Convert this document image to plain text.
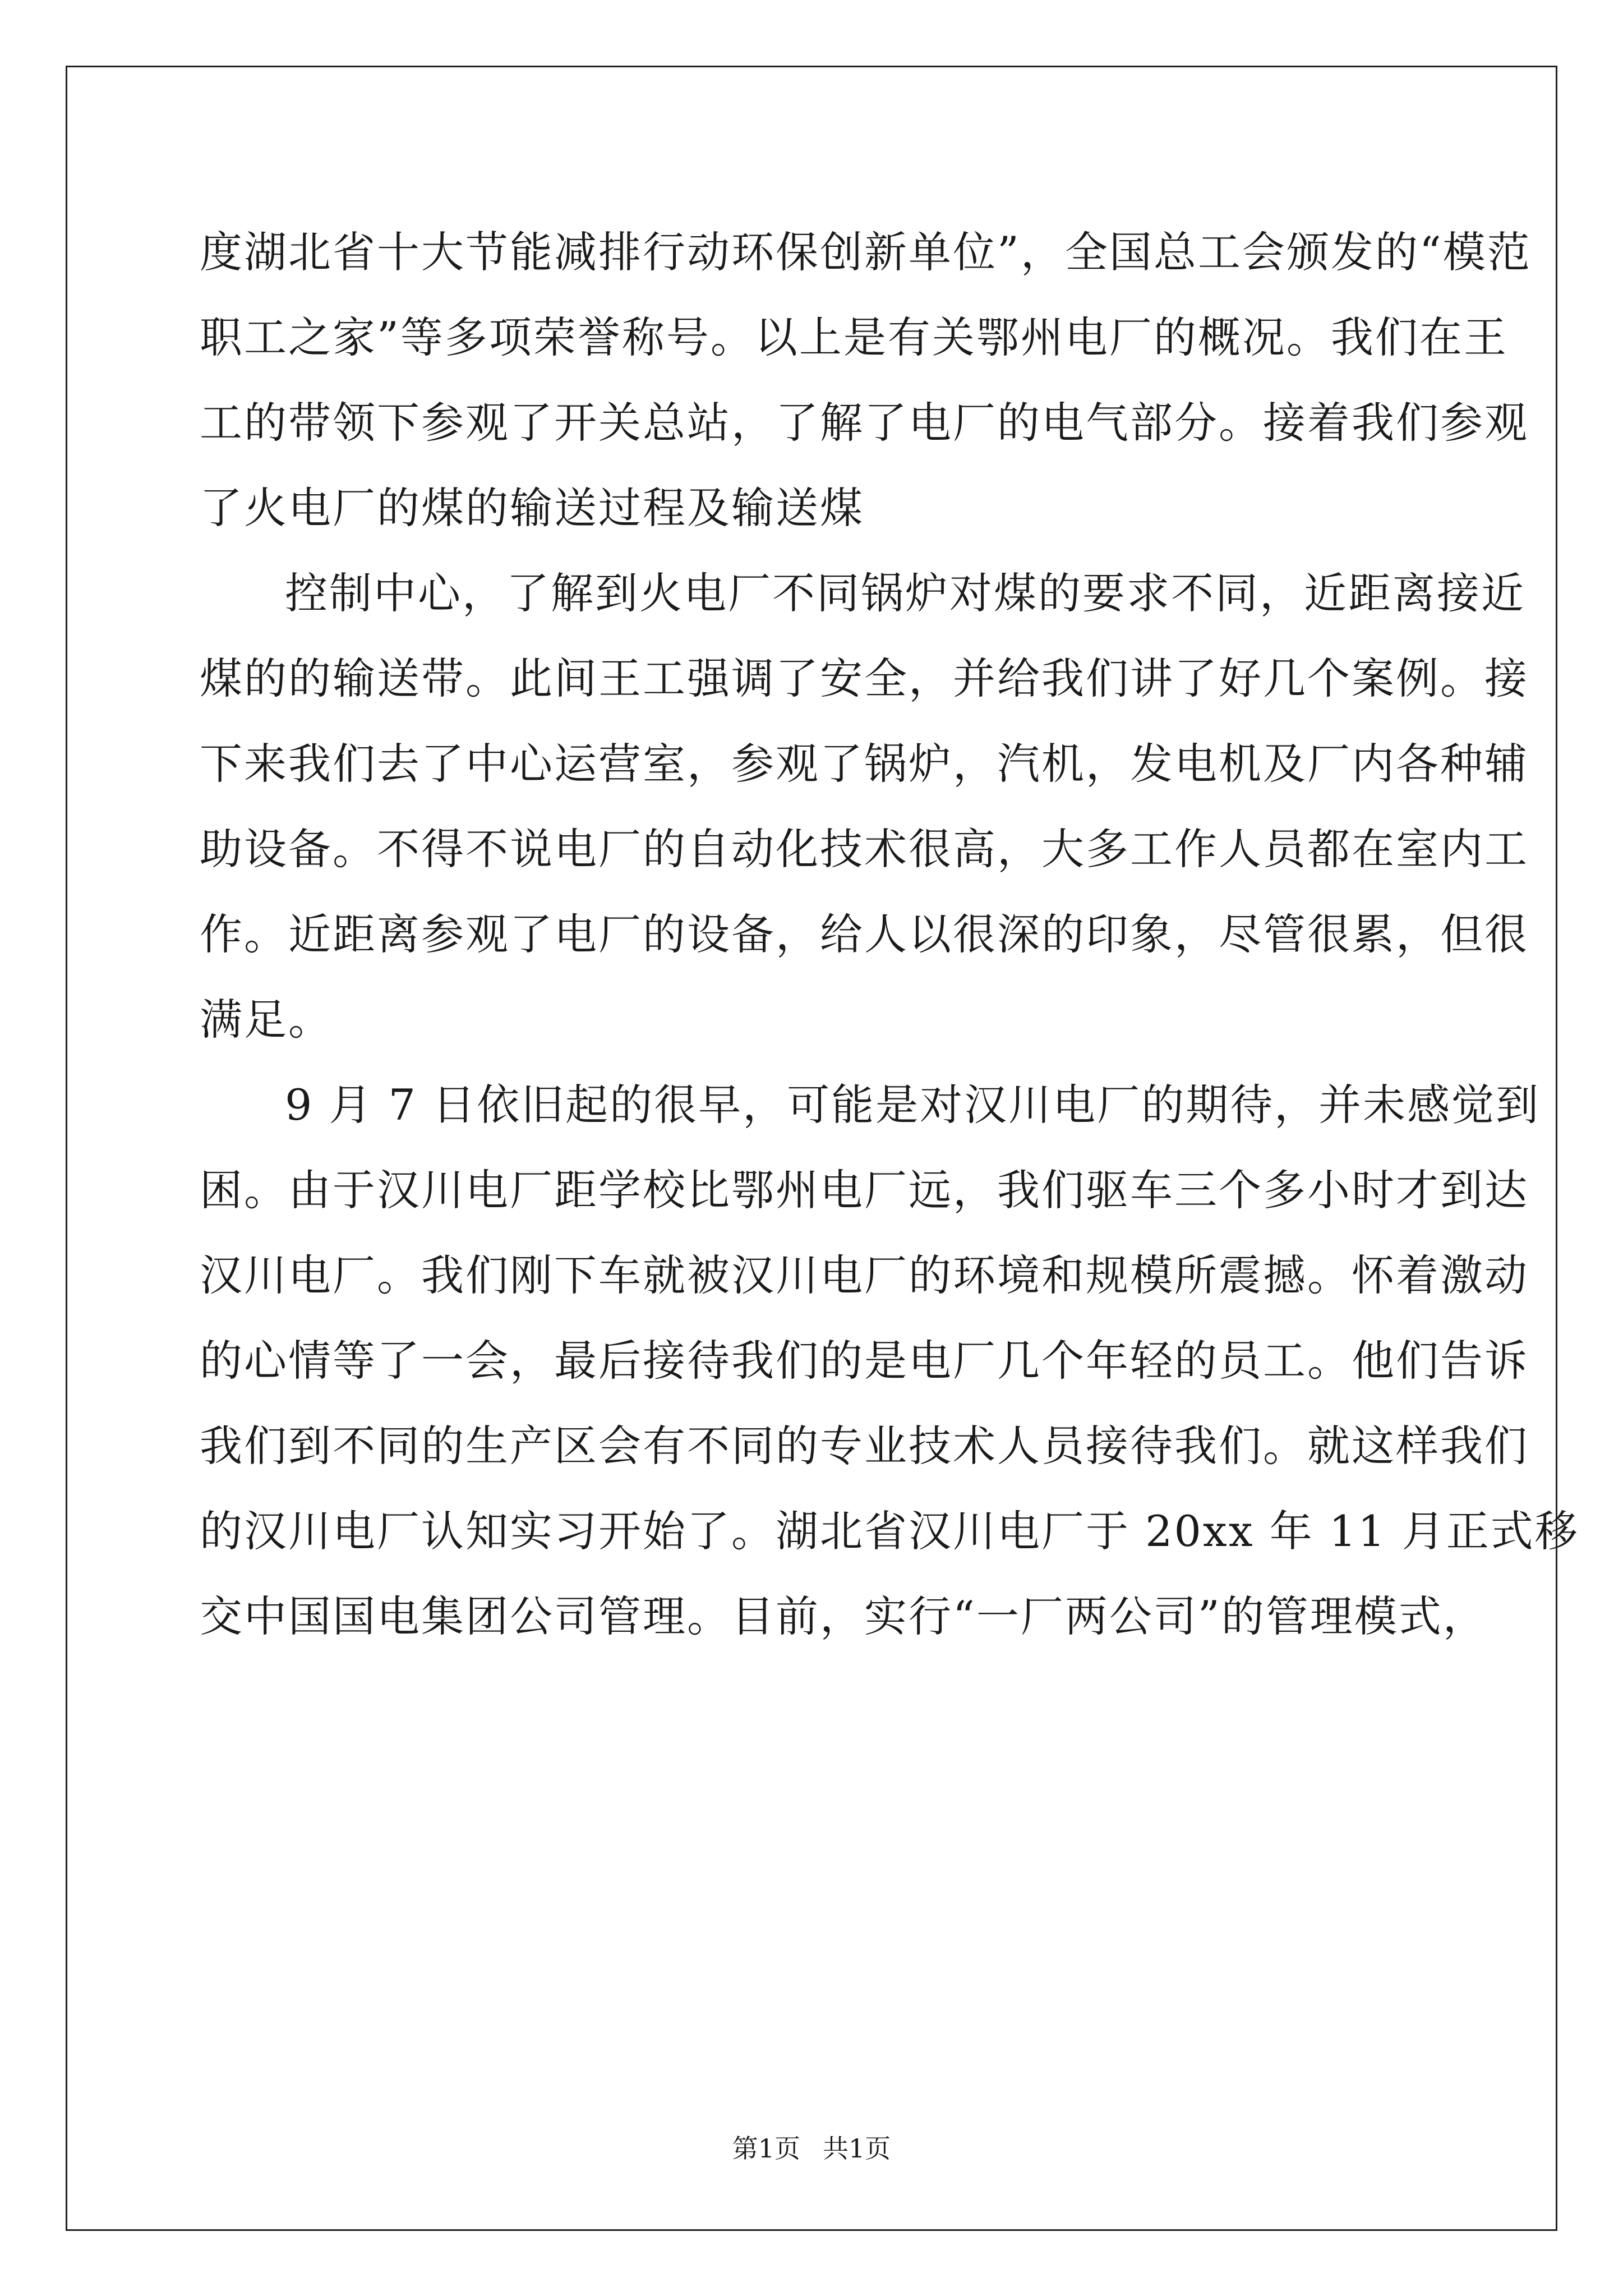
度湖北省十大节能减排行动环保创新单位”，全国总工会颁发的“模范
职工之家”等多项荣誉称号。以上是有关鄂州电厂的概况。我们在王
工的带领下参观了开关总站，了解了电厂的电气部分。接着我们参观
了火电厂的煤的输送过程及输送煤
控制中心，了解到火电厂不同锅炉对煤的要求不同，近距离接近
煤的的输送带。此间王工强调了安全，并给我们讲了好几个案例。接
下来我们去了中心运营室，参观了锅炉，汽机，发电机及厂内各种辅
助设备。不得不说电厂的自动化技术很高，大多工作人员都在室内工
作。近距离参观了电厂的设备，给人以很深的印象，尽管很累，但很
满足。
9 月 7 日依旧起的很早，可能是对汉川电厂的期待，并未感觉到
困。由于汉川电厂距学校比鄂州电厂远，我们驱车三个多小时才到达
汉川电厂。我们刚下车就被汉川电厂的环境和规模所震撼。怀着激动
的心情等了一会，最后接待我们的是电厂几个年轻的员工。他们告诉
我们到不同的生产区会有不同的专业技术人员接待我们。就这样我们
的汉川电厂认知实习开始了。湖北省汉川电厂于 20xx 年 11 月正式移
交中国国电集团公司管理。目前，实行“一厂两公司”的管理模式，
第1页 共1页
